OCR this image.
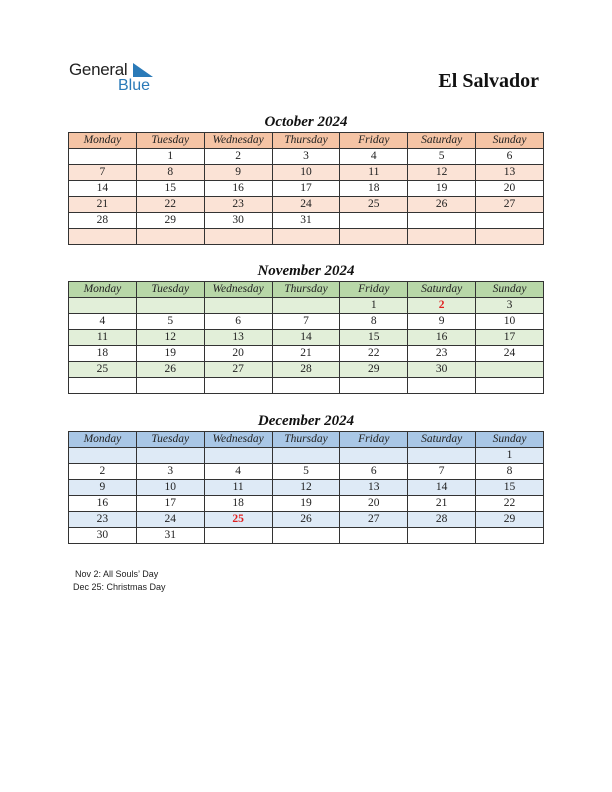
General
Blue	El Salvador
October 2024
Monday	Tuesday	Wednesday	Thursday	Friday	Saturday	Sunday
	1	2	3	4	5	6
7	8	9	10	11	12	13
14	15	16	17	18	19	20
21	22	23	24	25	26	27
28	29	30	31			

November 2024
Monday	Tuesday	Wednesday	Thursday	Friday	Saturday	Sunday
				1	2	3
4	5	6	7	8	9	10
11	12	13	14	15	16	17
18	19	20	21	22	23	24
25	26	27	28	29	30	

December 2024
Monday	Tuesday	Wednesday	Thursday	Friday	Saturday	Sunday
						1
2	3	4	5	6	7	8
9	10	11	12	13	14	15
16	17	18	19	20	21	22
23	24	25	26	27	28	29
30	31					
Nov 2: All Souls’ Day
Dec 25: Christmas Day
